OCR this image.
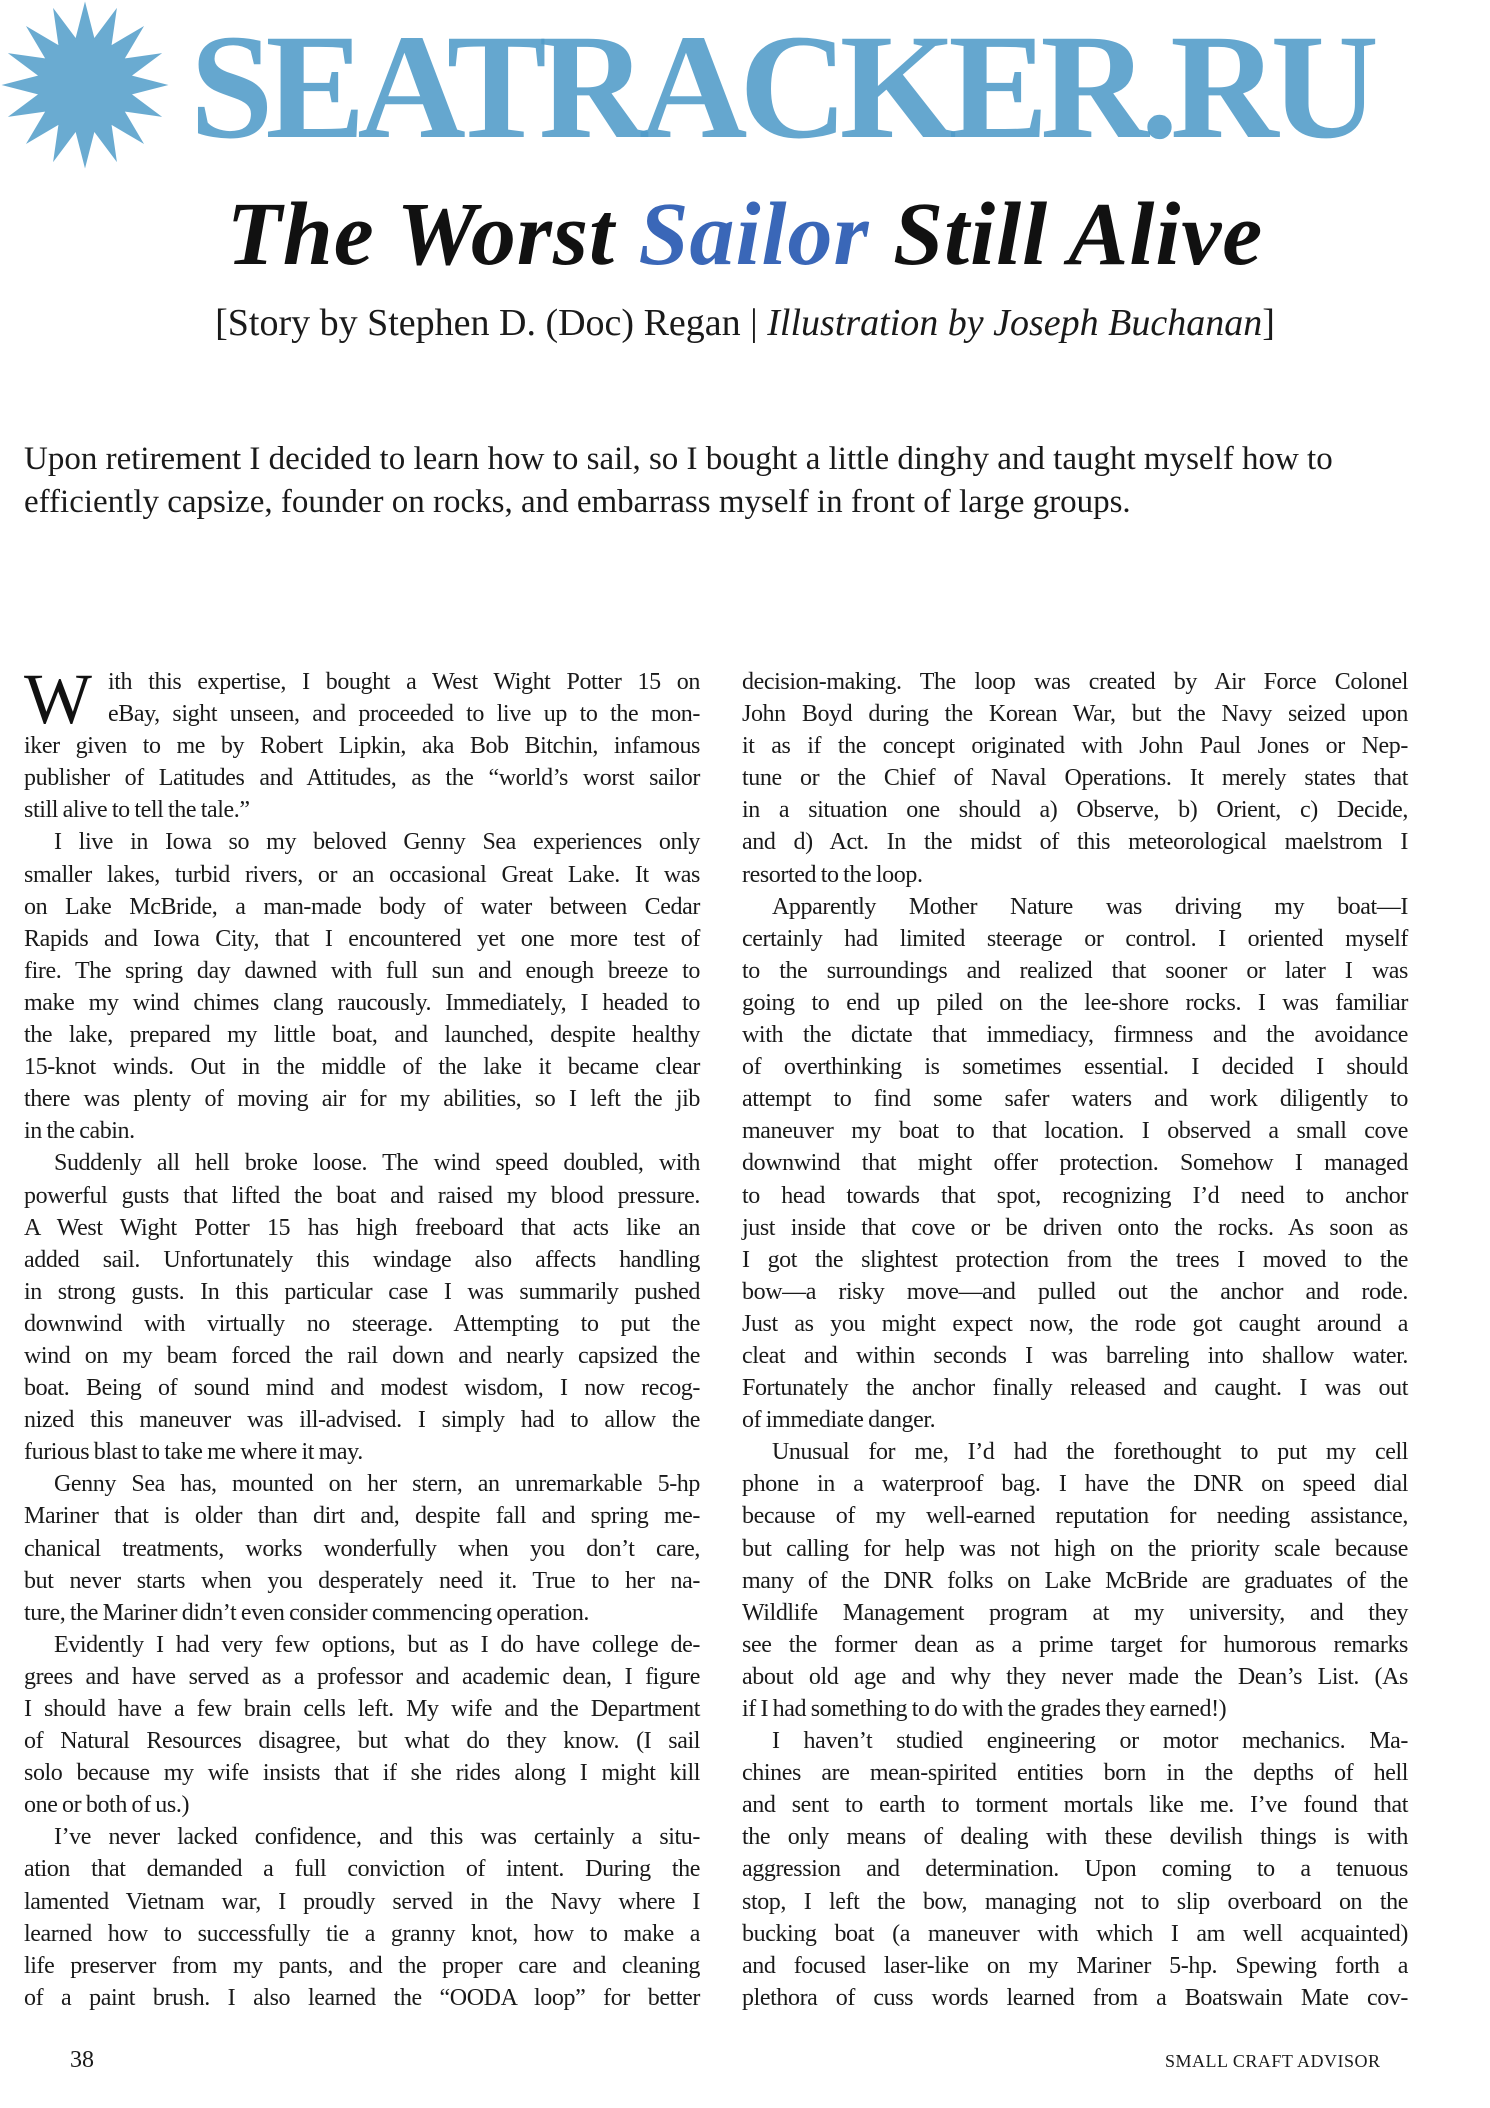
SEATRACKER.RU
The Worst Sailor Still Alive
[Story by Stephen D. (Doc) Regan | Illustration by Joseph Buchanan]

Upon retirement I decided to learn how to sail, so I bought a little dinghy and taught myself how to efficiently capsize, founder on rocks, and embarrass myself in front of large groups.

W ith this expertise, I bought a West Wight Potter 15 on
eBay, sight unseen, and proceeded to live up to the mon-
iker given to me by Robert Lipkin, aka Bob Bitchin, infamous
publisher of Latitudes and Attitudes, as the “world’s worst sailor
still alive to tell the tale.”
I live in Iowa so my beloved Genny Sea experiences only
smaller lakes, turbid rivers, or an occasional Great Lake. It was
on Lake McBride, a man-made body of water between Cedar
Rapids and Iowa City, that I encountered yet one more test of
fire. The spring day dawned with full sun and enough breeze to
make my wind chimes clang raucously. Immediately, I headed to
the lake, prepared my little boat, and launched, despite healthy
15-knot winds. Out in the middle of the lake it became clear
there was plenty of moving air for my abilities, so I left the jib
in the cabin.
Suddenly all hell broke loose. The wind speed doubled, with
powerful gusts that lifted the boat and raised my blood pressure.
A West Wight Potter 15 has high freeboard that acts like an
added sail. Unfortunately this windage also affects handling
in strong gusts. In this particular case I was summarily pushed
downwind with virtually no steerage. Attempting to put the
wind on my beam forced the rail down and nearly capsized the
boat. Being of sound mind and modest wisdom, I now recog-
nized this maneuver was ill-advised. I simply had to allow the
furious blast to take me where it may.
Genny Sea has, mounted on her stern, an unremarkable 5-hp
Mariner that is older than dirt and, despite fall and spring me-
chanical treatments, works wonderfully when you don’t care,
but never starts when you desperately need it. True to her na-
ture, the Mariner didn’t even consider commencing operation.
Evidently I had very few options, but as I do have college de-
grees and have served as a professor and academic dean, I figure
I should have a few brain cells left. My wife and the Department
of Natural Resources disagree, but what do they know. (I sail
solo because my wife insists that if she rides along I might kill
one or both of us.)
I’ve never lacked confidence, and this was certainly a situ-
ation that demanded a full conviction of intent. During the
lamented Vietnam war, I proudly served in the Navy where I
learned how to successfully tie a granny knot, how to make a
life preserver from my pants, and the proper care and cleaning
of a paint brush. I also learned the “OODA loop” for better
decision-making. The loop was created by Air Force Colonel
John Boyd during the Korean War, but the Navy seized upon
it as if the concept originated with John Paul Jones or Nep-
tune or the Chief of Naval Operations. It merely states that
in a situation one should a) Observe, b) Orient, c) Decide,
and d) Act. In the midst of this meteorological maelstrom I
resorted to the loop.
Apparently Mother Nature was driving my boat—I
certainly had limited steerage or control. I oriented myself
to the surroundings and realized that sooner or later I was
going to end up piled on the lee-shore rocks. I was familiar
with the dictate that immediacy, firmness and the avoidance
of overthinking is sometimes essential. I decided I should
attempt to find some safer waters and work diligently to
maneuver my boat to that location. I observed a small cove
downwind that might offer protection. Somehow I managed
to head towards that spot, recognizing I’d need to anchor
just inside that cove or be driven onto the rocks. As soon as
I got the slightest protection from the trees I moved to the
bow—a risky move—and pulled out the anchor and rode.
Just as you might expect now, the rode got caught around a
cleat and within seconds I was barreling into shallow water.
Fortunately the anchor finally released and caught. I was out
of immediate danger.
Unusual for me, I’d had the forethought to put my cell
phone in a waterproof bag. I have the DNR on speed dial
because of my well-earned reputation for needing assistance,
but calling for help was not high on the priority scale because
many of the DNR folks on Lake McBride are graduates of the
Wildlife Management program at my university, and they
see the former dean as a prime target for humorous remarks
about old age and why they never made the Dean’s List. (As
if I had something to do with the grades they earned!)
I haven’t studied engineering or motor mechanics. Ma-
chines are mean-spirited entities born in the depths of hell
and sent to earth to torment mortals like me. I’ve found that
the only means of dealing with these devilish things is with
aggression and determination. Upon coming to a tenuous
stop, I left the bow, managing not to slip overboard on the
bucking boat (a maneuver with which I am well acquainted)
and focused laser-like on my Mariner 5-hp. Spewing forth a
plethora of cuss words learned from a Boatswain Mate cov-
38	SMALL CRAFT ADVISOR
